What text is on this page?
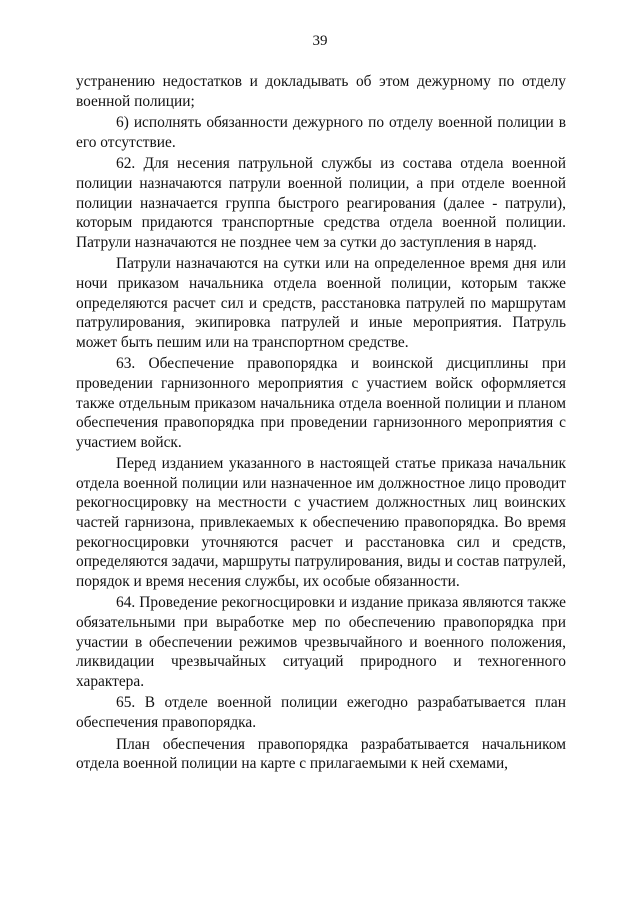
39

устранению недостатков и докладывать об этом дежурному по отделу военной полиции;

6) исполнять обязанности дежурного по отделу военной полиции в его отсутствие.

62. Для несения патрульной службы из состава отдела военной полиции назначаются патрули военной полиции, а при отделе военной полиции назначается группа быстрого реагирования (далее - патрули), которым придаются транспортные средства отдела военной полиции. Патрули назначаются не позднее чем за сутки до заступления в наряд.

Патрули назначаются на сутки или на определенное время дня или ночи приказом начальника отдела военной полиции, которым также определяются расчет сил и средств, расстановка патрулей по маршрутам патрулирования, экипировка патрулей и иные мероприятия. Патруль может быть пешим или на транспортном средстве.

63. Обеспечение правопорядка и воинской дисциплины при проведении гарнизонного мероприятия с участием войск оформляется также отдельным приказом начальника отдела военной полиции и планом обеспечения правопорядка при проведении гарнизонного мероприятия с участием войск.

Перед изданием указанного в настоящей статье приказа начальник отдела военной полиции или назначенное им должностное лицо проводит рекогносцировку на местности с участием должностных лиц воинских частей гарнизона, привлекаемых к обеспечению правопорядка. Во время рекогносцировки уточняются расчет и расстановка сил и средств, определяются задачи, маршруты патрулирования, виды и состав патрулей, порядок и время несения службы, их особые обязанности.

64. Проведение рекогносцировки и издание приказа являются также обязательными при выработке мер по обеспечению правопорядка при участии в обеспечении режимов чрезвычайного и военного положения, ликвидации чрезвычайных ситуаций природного и техногенного характера.

65. В отделе военной полиции ежегодно разрабатывается план обеспечения правопорядка.

План обеспечения правопорядка разрабатывается начальником отдела военной полиции на карте с прилагаемыми к ней схемами,
